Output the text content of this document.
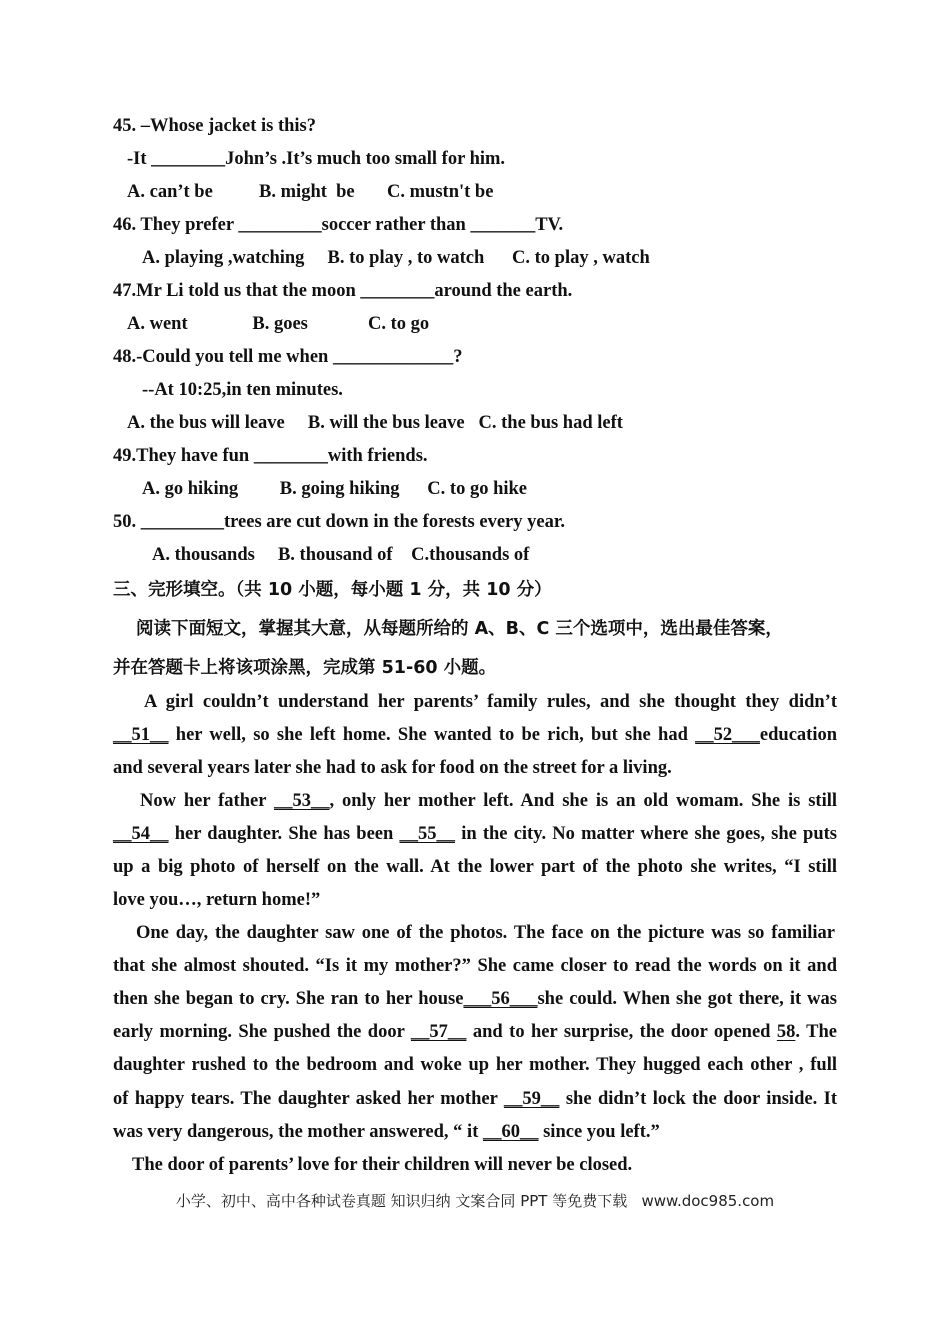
45. –Whose jacket is this?
-It ________John’s .It’s much too small for him.
A. can’t be          B. might  be       C. mustn't be
46. They prefer _________soccer rather than _______TV.
A. playing ,watching     B. to play , to watch      C. to play , watch
47.Mr Li told us that the moon ________around the earth.
A. went              B. goes             C. to go
48.-Could you tell me when _____________?
--At 10:25,in ten minutes.
A. the bus will leave     B. will the bus leave   C. the bus had left
49.They have fun ________with friends.
A. go hiking         B. going hiking      C. to go hike
50. _________trees are cut down in the forests every year.
A. thousands     B. thousand of    C.thousands of
三、完形填空。（共 10 小题，每小题 1 分，共 10 分）
阅读下面短文，掌握其大意，从每题所给的 A、B、C 三个选项中，选出最佳答案，
并在答题卡上将该项涂黑，完成第 51-60 小题。
A girl couldn’t understand her parents’ family rules, and she thought they didn’t
__51__ her well, so she left home. She wanted to be rich, but she had __52___education
and several years later she had to ask for food on the street for a living.
Now her father __53__, only her mother left. And she is an old womam. She is still
__54__ her daughter. She has been __55__ in the city. No matter where she goes, she puts
up a big photo of herself on the wall. At the lower part of the photo she writes, “I still
love you…, return home!”
One day, the daughter saw one of the photos. The face on the picture was so familiar
that she almost shouted. “Is it my mother?” She came closer to read the words on it and
then she began to cry. She ran to her house___56___she could. When she got there, it was
early morning. She pushed the door __57__ and to her surprise, the door opened 58. The
daughter rushed to the bedroom and woke up her mother. They hugged each other , full
of happy tears. The daughter asked her mother __59__ she didn’t lock the door inside. It
was very dangerous, the mother answered, “ it __60__ since you left.”
The door of parents’ love for their children will never be closed.
小学、初中、高中各种试卷真题 知识归纳 文案合同 PPT 等免费下载   www.doc985.com
